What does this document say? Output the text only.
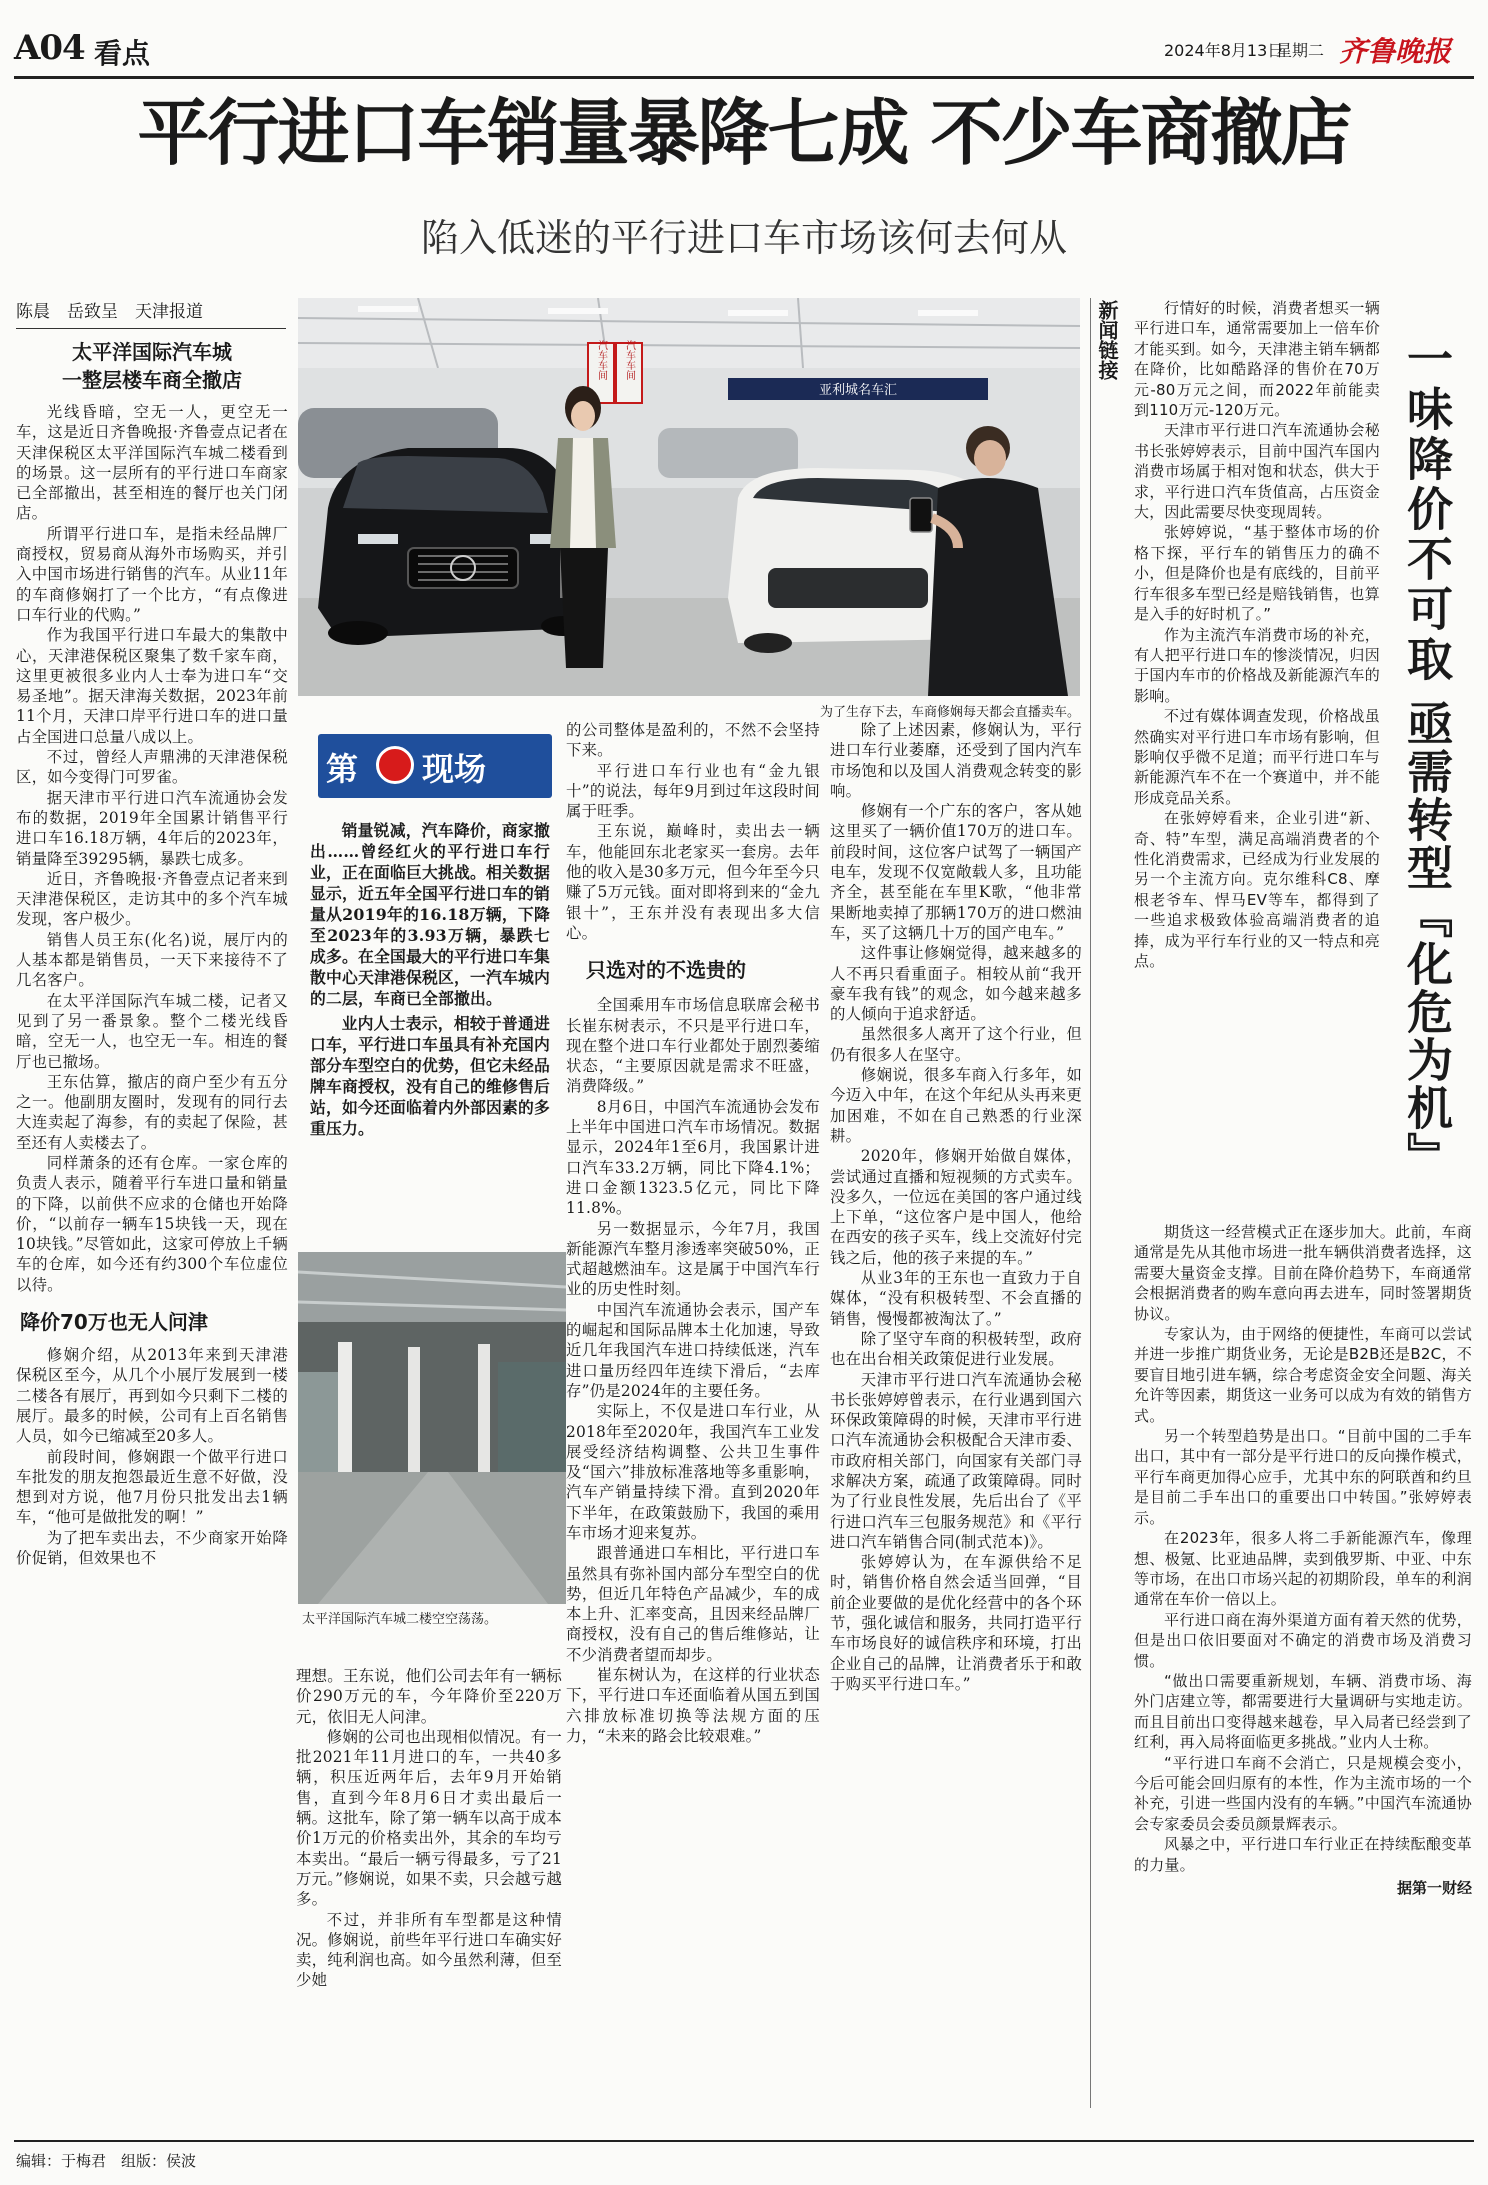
A04 看点	2024年8月13日
星期二 齐鲁晚报
平行进口车销量暴降七成 不少车商撤店
陷入低迷的平行进口车市场该何去何从
陈晨　岳致呈　天津报道
太平洋国际汽车城
一整层楼车商全撤店

光线昏暗，空无一人，更空无一车，这是近日齐鲁晚报·齐鲁壹点记者在天津保税区太平洋国际汽车城二楼看到的场景。这一层所有的平行进口车商家已全部撤出，甚至相连的餐厅也关门闭店。

所谓平行进口车，是指未经品牌厂商授权，贸易商从海外市场购买，并引入中国市场进行销售的汽车。从业11年的车商修娴打了一个比方，“有点像进口车行业的代购。”

作为我国平行进口车最大的集散中心，天津港保税区聚集了数千家车商，这里更被很多业内人士奉为进口车“交易圣地”。据天津海关数据，2023年前11个月，天津口岸平行进口车的进口量占全国进口总量八成以上。

不过，曾经人声鼎沸的天津港保税区，如今变得门可罗雀。

据天津市平行进口汽车流通协会发布的数据，2019年全国累计销售平行进口车16.18万辆，4年后的2023年，销量降至39295辆，暴跌七成多。

近日，齐鲁晚报·齐鲁壹点记者来到天津港保税区，走访其中的多个汽车城发现，客户极少。

销售人员王东(化名)说，展厅内的人基本都是销售员，一天下来接待不了几名客户。

在太平洋国际汽车城二楼，记者又见到了另一番景象。整个二楼光线昏暗，空无一人，也空无一车。相连的餐厅也已撤场。

王东估算，撤店的商户至少有五分之一。他副朋友圈时，发现有的同行去大连卖起了海参，有的卖起了保险，甚至还有人卖楼去了。

同样萧条的还有仓库。一家仓库的负责人表示，随着平行车进口量和销量的下降，以前供不应求的仓储也开始降价，“以前存一辆车15块钱一天，现在10块钱。”尽管如此，这家可停放上千辆车的仓库，如今还有约300个车位虚位以待。

降价70万也无人问津

修娴介绍，从2013年来到天津港保税区至今，从几个小展厅发展到一楼二楼各有展厅，再到如今只剩下二楼的展厅。最多的时候，公司有上百名销售人员，如今已缩减至20多人。

前段时间，修娴跟一个做平行进口车批发的朋友抱怨最近生意不好做，没想到对方说，他7月份只批发出去1辆车，“他可是做批发的啊！”

为了把车卖出去，不少商家开始降价促销，但效果也不

汽车车间 汽车车间
亚利城名车汇
为了生存下去，车商修娴每天都会直播卖车。
第 现场

销量锐减，汽车降价，商家撤出……曾经红火的平行进口车行业，正在面临巨大挑战。相关数据显示，近五年全国平行进口车的销量从2019年的16.18万辆，下降至2023年的3.93万辆，暴跌七成多。在全国最大的平行进口车集散中心天津港保税区，一汽车城内的二层，车商已全部撤出。

业内人士表示，相较于普通进口车，平行进口车虽具有补充国内部分车型空白的优势，但它未经品牌车商授权，没有自己的维修售后站，如今还面临着内外部因素的多重压力。

太平洋国际汽车城二楼空空荡荡。

理想。王东说，他们公司去年有一辆标价290万元的车，今年降价至220万元，依旧无人问津。

修娴的公司也出现相似情况。有一批2021年11月进口的车，一共40多辆，积压近两年后，去年9月开始销售，直到今年8月6日才卖出最后一辆。这批车，除了第一辆车以高于成本价1万元的价格卖出外，其余的车均亏本卖出。“最后一辆亏得最多，亏了21万元。”修娴说，如果不卖，只会越亏越多。

不过，并非所有车型都是这种情况。修娴说，前些年平行进口车确实好卖，纯利润也高。如今虽然利薄，但至少她

的公司整体是盈利的，不然不会坚持下来。

平行进口车行业也有“金九银十”的说法，每年9月到过年这段时间属于旺季。

王东说，巅峰时，卖出去一辆车，他能回东北老家买一套房。去年他的收入是30多万元，但今年至今只赚了5万元钱。面对即将到来的“金九银十”，王东并没有表现出多大信心。

只选对的不选贵的

全国乘用车市场信息联席会秘书长崔东树表示，不只是平行进口车，现在整个进口车行业都处于剧烈萎缩状态，“主要原因就是需求不旺盛，消费降级。”

8月6日，中国汽车流通协会发布上半年中国进口汽车市场情况。数据显示，2024年1至6月，我国累计进口汽车33.2万辆，同比下降4.1%；进口金额1323.5亿元，同比下降11.8%。

另一数据显示，今年7月，我国新能源汽车整月渗透率突破50%，正式超越燃油车。这是属于中国汽车行业的历史性时刻。

中国汽车流通协会表示，国产车的崛起和国际品牌本土化加速，导致近几年我国汽车进口持续低迷，汽车进口量历经四年连续下滑后，“去库存”仍是2024年的主要任务。

实际上，不仅是进口车行业，从2018年至2020年，我国汽车工业发展受经济结构调整、公共卫生事件及“国六”排放标准落地等多重影响，汽车产销量持续下滑。直到2020年下半年，在政策鼓励下，我国的乘用车市场才迎来复苏。

跟普通进口车相比，平行进口车虽然具有弥补国内部分车型空白的优势，但近几年特色产品减少，车的成本上升、汇率变高，且因来经品牌厂商授权，没有自己的售后维修站，让不少消费者望而却步。

崔东树认为，在这样的行业状态下，平行进口车还面临着从国五到国六排放标准切换等法规方面的压力，“未来的路会比较艰难。”

除了上述因素，修娴认为，平行进口车行业萎靡，还受到了国内汽车市场饱和以及国人消费观念转变的影响。

修娴有一个广东的客户，客从她这里买了一辆价值170万的进口车。前段时间，这位客户试驾了一辆国产电车，发现不仅宽敞载人多，且功能齐全，甚至能在车里K歌，“他非常果断地卖掉了那辆170万的进口燃油车，买了这辆几十万的国产电车。”

这件事让修娴觉得，越来越多的人不再只看重面子。相较从前“我开豪车我有钱”的观念，如今越来越多的人倾向于追求舒适。

虽然很多人离开了这个行业，但仍有很多人在坚守。

修娴说，很多车商入行多年，如今迈入中年，在这个年纪从头再来更加困难，不如在自己熟悉的行业深耕。

2020年，修娴开始做自媒体，尝试通过直播和短视频的方式卖车。没多久，一位远在美国的客户通过线上下单，“这位客户是中国人，他给在西安的孩子买车，线上交流好付完钱之后，他的孩子来提的车。”

从业3年的王东也一直致力于自媒体，“没有积极转型、不会直播的销售，慢慢都被淘汰了。”

除了坚守车商的积极转型，政府也在出台相关政策促进行业发展。

天津市平行进口汽车流通协会秘书长张婷婷曾表示，在行业遇到国六环保政策障碍的时候，天津市平行进口汽车流通协会积极配合天津市委、市政府相关部门，向国家有关部门寻求解决方案，疏通了政策障碍。同时为了行业良性发展，先后出台了《平行进口汽车三包服务规范》和《平行进口汽车销售合同(制式范本)》。

张婷婷认为，在车源供给不足时，销售价格自然会适当回弹，“目前企业要做的是优化经营中的各个环节，强化诚信和服务，共同打造平行车市场良好的诚信秩序和环境，打出企业自己的品牌，让消费者乐于和敢于购买平行进口车。”

新闻链接	行情好的时候，消费者想买一辆平行进口车，通常需要加上一倍车价才能买到。如今，天津港主销车辆都在降价，比如酷路泽的售价在70万元-80万元之间，而2022年前能卖到110万元-120万元。

天津市平行进口汽车流通协会秘书长张婷婷表示，目前中国汽车国内消费市场属于相对饱和状态，供大于求，平行进口汽车货值高，占压资金大，因此需要尽快变现周转。

张婷婷说，“基于整体市场的价格下探，平行车的销售压力的确不小，但是降价也是有底线的，目前平行车很多车型已经是赔钱销售，也算是入手的好时机了。”

作为主流汽车消费市场的补充，有人把平行进口车的惨淡情况，归因于国内车市的价格战及新能源汽车的影响。

不过有媒体调查发现，价格战虽然确实对平行进口车市场有影响，但影响仅乎微不足道；而平行进口车与新能源汽车不在一个赛道中，并不能形成竞品关系。

在张婷婷看来，企业引进“新、奇、特”车型，满足高端消费者的个性化消费需求，已经成为行业发展的另一个主流方向。克尔维科C8、摩根老爷车、悍马EV等车，都得到了一些追求极致体验高端消费者的追捧，成为平行车行业的又一特点和亮点。

一味降价不可取
亟需转型『化危为机』

期货这一经营模式正在逐步加大。此前，车商通常是先从其他市场进一批车辆供消费者选择，这需要大量资金支撑。目前在降价趋势下，车商通常会根据消费者的购车意向再去进车，同时签署期货协议。

专家认为，由于网络的便捷性，车商可以尝试并进一步推广期货业务，无论是B2B还是B2C，不要盲目地引进车辆，综合考虑资金安全问题、海关允许等因素，期货这一业务可以成为有效的销售方式。

另一个转型趋势是出口。“目前中国的二手车出口，其中有一部分是平行进口的反向操作模式，平行车商更加得心应手，尤其中东的阿联酋和约旦是目前二手车出口的重要出口中转国。”张婷婷表示。

在2023年，很多人将二手新能源汽车，像理想、极氪、比亚迪品牌，卖到俄罗斯、中亚、中东等市场，在出口市场兴起的初期阶段，单车的利润通常在车价一倍以上。

平行进口商在海外渠道方面有着天然的优势，但是出口依旧要面对不确定的消费市场及消费习惯。

“做出口需要重新规划，车辆、消费市场、海外门店建立等，都需要进行大量调研与实地走访。而且目前出口变得越来越卷，早入局者已经尝到了红利，再入局将面临更多挑战。”业内人士称。

“平行进口车商不会消亡，只是规模会变小，今后可能会回归原有的本性，作为主流市场的一个补充，引进一些国内没有的车辆。”中国汽车流通协会专家委员会委员颜景辉表示。

风暴之中，平行进口车行业正在持续酝酿变革的力量。

据第一财经
编辑：于梅君　组版：侯波
